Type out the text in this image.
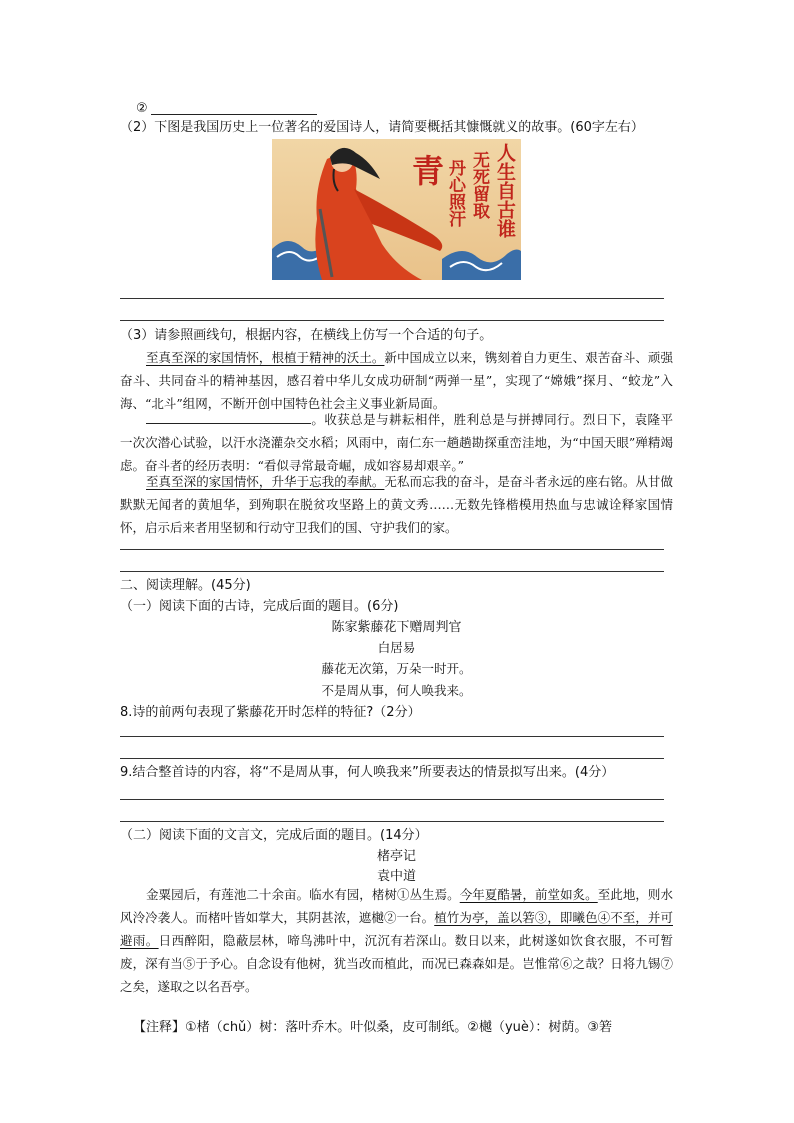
②
（2）下图是我国历史上一位著名的爱国诗人，请简要概括其慷慨就义的故事。(60字左右）
人生自古谁
无死留取
丹心照汗
青
（3）请参照画线句，根据内容，在横线上仿写一个合适的句子。
至真至深的家国情怀，根植于精神的沃土。新中国成立以来，镌刻着自力更生、艰苦奋斗、顽强奋斗、共同奋斗的精神基因，感召着中华儿女成功研制“两弹一星”，实现了“嫦娥”探月、“蛟龙”入海、“北斗”组网，不断开创中国特色社会主义事业新局面。
。收获总是与耕耘相伴，胜利总是与拼搏同行。烈日下，袁隆平一次次潜心试验，以汗水浇灌杂交水稻；风雨中，南仁东一趟趟勘探重峦洼地，为“中国天眼”殚精竭虑。奋斗者的经历表明：“看似寻常最奇崛，成如容易却艰辛。”
至真至深的家国情怀，升华于忘我的奉献。无私而忘我的奋斗，是奋斗者永远的座右铭。从甘做默默无闻者的黄旭华，到殉职在脱贫攻坚路上的黄文秀……无数先锋楷模用热血与忠诚诠释家国情怀，启示后来者用坚韧和行动守卫我们的国、守护我们的家。
二、阅读理解。(45分)
（一）阅读下面的古诗，完成后面的题目。(6分)
陈家紫藤花下赠周判官
白居易
藤花无次第，万朵一时开。
不是周从事，何人唤我来。
8.诗的前两句表现了紫藤花开时怎样的特征?（2分）
9.结合整首诗的内容，将“不是周从事，何人唤我来”所要表达的情景拟写出来。(4分）
（二）阅读下面的文言文，完成后面的题目。(14分）
楮亭记
袁中道
金粟园后，有莲池二十余亩。临水有园，楮树①丛生焉。今年夏酷暑，前堂如炙。至此地，则水风泠冷袭人。而楮叶皆如掌大，其阴甚浓，遮樾②一台。植竹为亭，盖以箬③，即曦色④不至，并可避雨。日西醉阳，隐蔽层林，啼鸟沸叶中，沉沉有若深山。数日以来，此树遂如饮食衣服，不可暂废，深有当⑤于予心。自念设有他树，犹当改而植此，而况已森森如是。岂惟常⑥之哉？日将九锡⑦之矣，遂取之以名吾亭。
【注释】①楮（chǔ）树：落叶乔木。叶似桑，皮可制纸。②樾（yuè）：树荫。③箬
